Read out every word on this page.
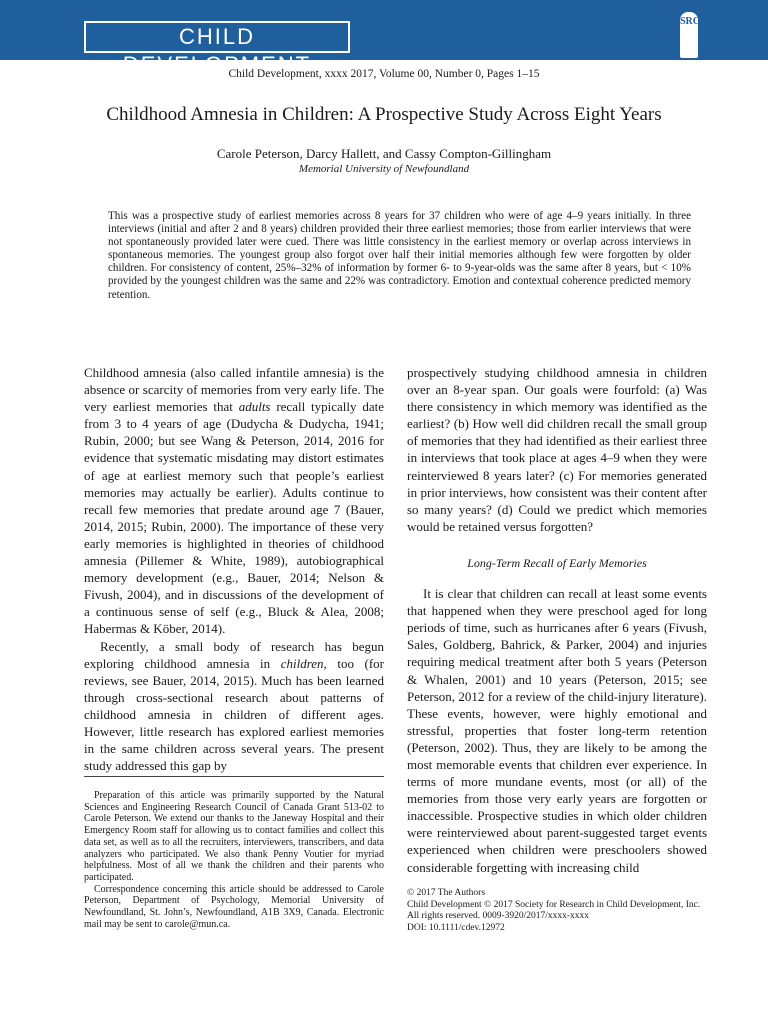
CHILD DEVELOPMENT
SRCD
Child Development, xxxx 2017, Volume 00, Number 0, Pages 1–15
Childhood Amnesia in Children: A Prospective Study Across Eight Years
Carole Peterson, Darcy Hallett, and Cassy Compton-Gillingham
Memorial University of Newfoundland
This was a prospective study of earliest memories across 8 years for 37 children who were of age 4–9 years initially. In three interviews (initial and after 2 and 8 years) children provided their three earliest memories; those from earlier interviews that were not spontaneously provided later were cued. There was little consistency in the earliest memory or overlap across interviews in spontaneous memories. The youngest group also forgot over half their initial memories although few were forgotten by older children. For consistency of content, 25%–32% of information by former 6- to 9-year-olds was the same after 8 years, but < 10% provided by the youngest children was the same and 22% was contradictory. Emotion and contextual coherence predicted memory retention.

Childhood amnesia (also called infantile amnesia) is the absence or scarcity of memories from very early life. The very earliest memories that adults recall typically date from 3 to 4 years of age (Dudycha & Dudycha, 1941; Rubin, 2000; but see Wang & Peterson, 2014, 2016 for evidence that systematic misdating may distort estimates of age at earliest memory such that people’s earliest memories may actually be earlier). Adults continue to recall few memories that predate around age 7 (Bauer, 2014, 2015; Rubin, 2000). The importance of these very early memories is highlighted in theories of childhood amnesia (Pillemer & White, 1989), autobiographical memory development (e.g., Bauer, 2014; Nelson & Fivush, 2004), and in discussions of the development of a continuous sense of self (e.g., Bluck & Alea, 2008; Habermas & Köber, 2014).

Recently, a small body of research has begun exploring childhood amnesia in children, too (for reviews, see Bauer, 2014, 2015). Much has been learned through cross-sectional research about patterns of childhood amnesia in children of different ages. However, little research has explored earliest memories in the same children across several years. The present study addressed this gap by

prospectively studying childhood amnesia in children over an 8-year span. Our goals were fourfold: (a) Was there consistency in which memory was identified as the earliest? (b) How well did children recall the small group of memories that they had identified as their earliest three in interviews that took place at ages 4–9 when they were reinterviewed 8 years later? (c) For memories generated in prior interviews, how consistent was their content after so many years? (d) Could we predict which memories would be retained versus forgotten?

Long-Term Recall of Early Memories

It is clear that children can recall at least some events that happened when they were preschool aged for long periods of time, such as hurricanes after 6 years (Fivush, Sales, Goldberg, Bahrick, & Parker, 2004) and injuries requiring medical treatment after both 5 years (Peterson & Whalen, 2001) and 10 years (Peterson, 2015; see Peterson, 2012 for a review of the child-injury literature). These events, however, were highly emotional and stressful, properties that foster long-term retention (Peterson, 2002). Thus, they are likely to be among the most memorable events that children ever experience. In terms of more mundane events, most (or all) of the memories from those very early years are forgotten or inaccessible. Prospective studies in which older children were reinterviewed about parent-suggested target events experienced when children were preschoolers showed considerable forgetting with increasing child

Preparation of this article was primarily supported by the Natural Sciences and Engineering Research Council of Canada Grant 513-02 to Carole Peterson. We extend our thanks to the Janeway Hospital and their Emergency Room staff for allowing us to contact families and collect this data set, as well as to all the recruiters, interviewers, transcribers, and data analyzers who participated. We also thank Penny Voutier for myriad helpfulness. Most of all we thank the children and their parents who participated.

Correspondence concerning this article should be addressed to Carole Peterson, Department of Psychology, Memorial University of Newfoundland, St. John’s, Newfoundland, A1B 3X9, Canada. Electronic mail may be sent to carole@mun.ca.

© 2017 The Authors
Child Development © 2017 Society for Research in Child Development, Inc.
All rights reserved. 0009-3920/2017/xxxx-xxxx
DOI: 10.1111/cdev.12972
